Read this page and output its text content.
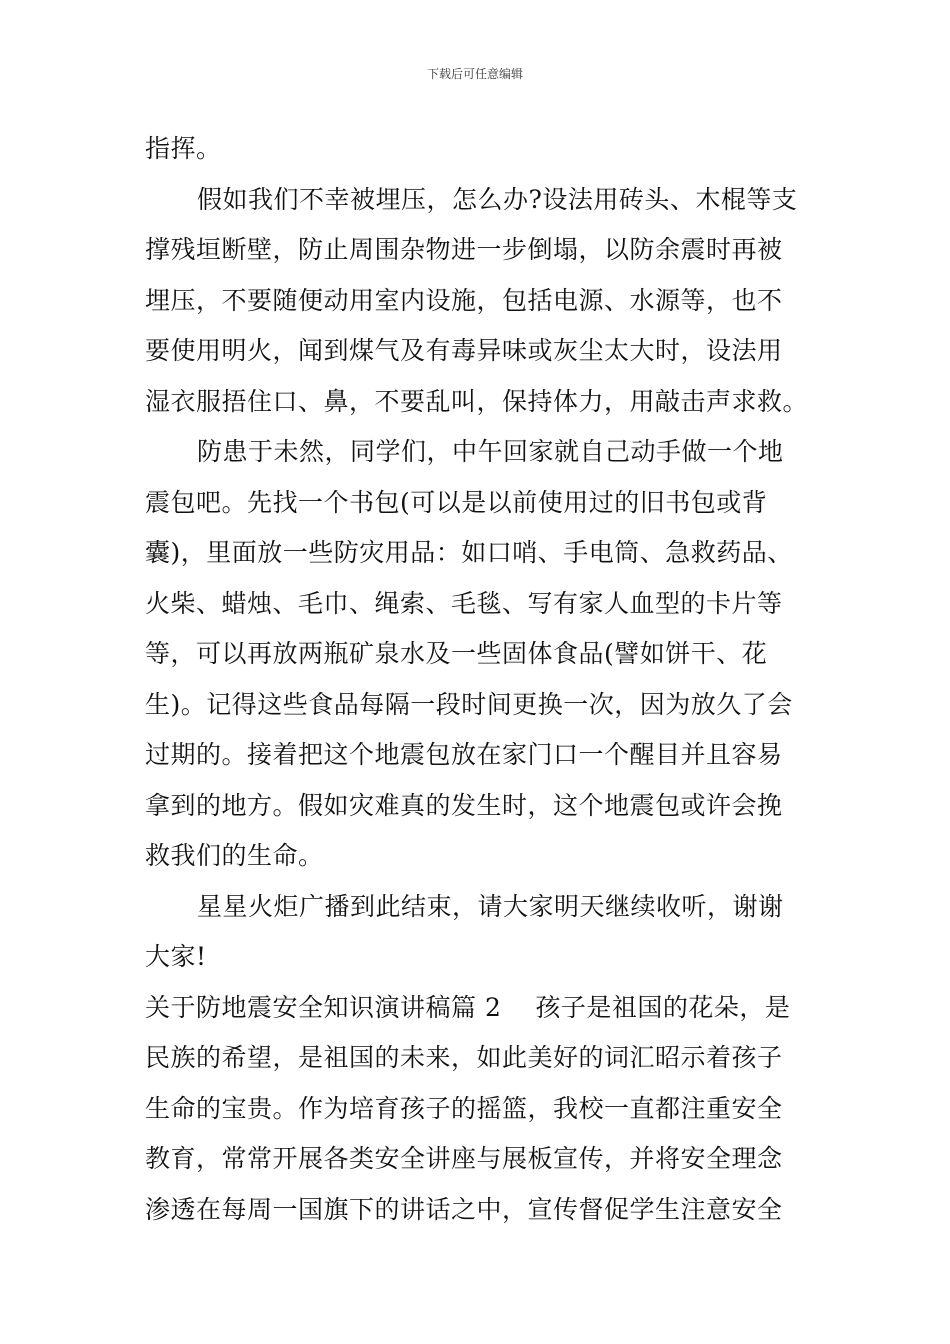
下载后可任意编辑
指挥。
假如我们不幸被埋压，怎么办?设法用砖头、木棍等支
撑残垣断壁，防止周围杂物进一步倒塌，以防余震时再被
埋压，不要随便动用室内设施，包括电源、水源等，也不
要使用明火，闻到煤气及有毒异味或灰尘太大时，设法用
湿衣服捂住口、鼻，不要乱叫，保持体力，用敲击声求救。
防患于未然，同学们，中午回家就自己动手做一个地
震包吧。先找一个书包(可以是以前使用过的旧书包或背
囊)，里面放一些防灾用品：如口哨、手电筒、急救药品、
火柴、蜡烛、毛巾、绳索、毛毯、写有家人血型的卡片等
等，可以再放两瓶矿泉水及一些固体食品(譬如饼干、花
生)。记得这些食品每隔一段时间更换一次，因为放久了会
过期的。接着把这个地震包放在家门口一个醒目并且容易
拿到的地方。假如灾难真的发生时，这个地震包或许会挽
救我们的生命。
星星火炬广播到此结束，请大家明天继续收听，谢谢
大家!
关于防地震安全知识演讲稿篇 2 孩子是祖国的花朵，是
民族的希望，是祖国的未来，如此美好的词汇昭示着孩子
生命的宝贵。作为培育孩子的摇篮，我校一直都注重安全
教育，常常开展各类安全讲座与展板宣传，并将安全理念
渗透在每周一国旗下的讲话之中，宣传督促学生注意安全
